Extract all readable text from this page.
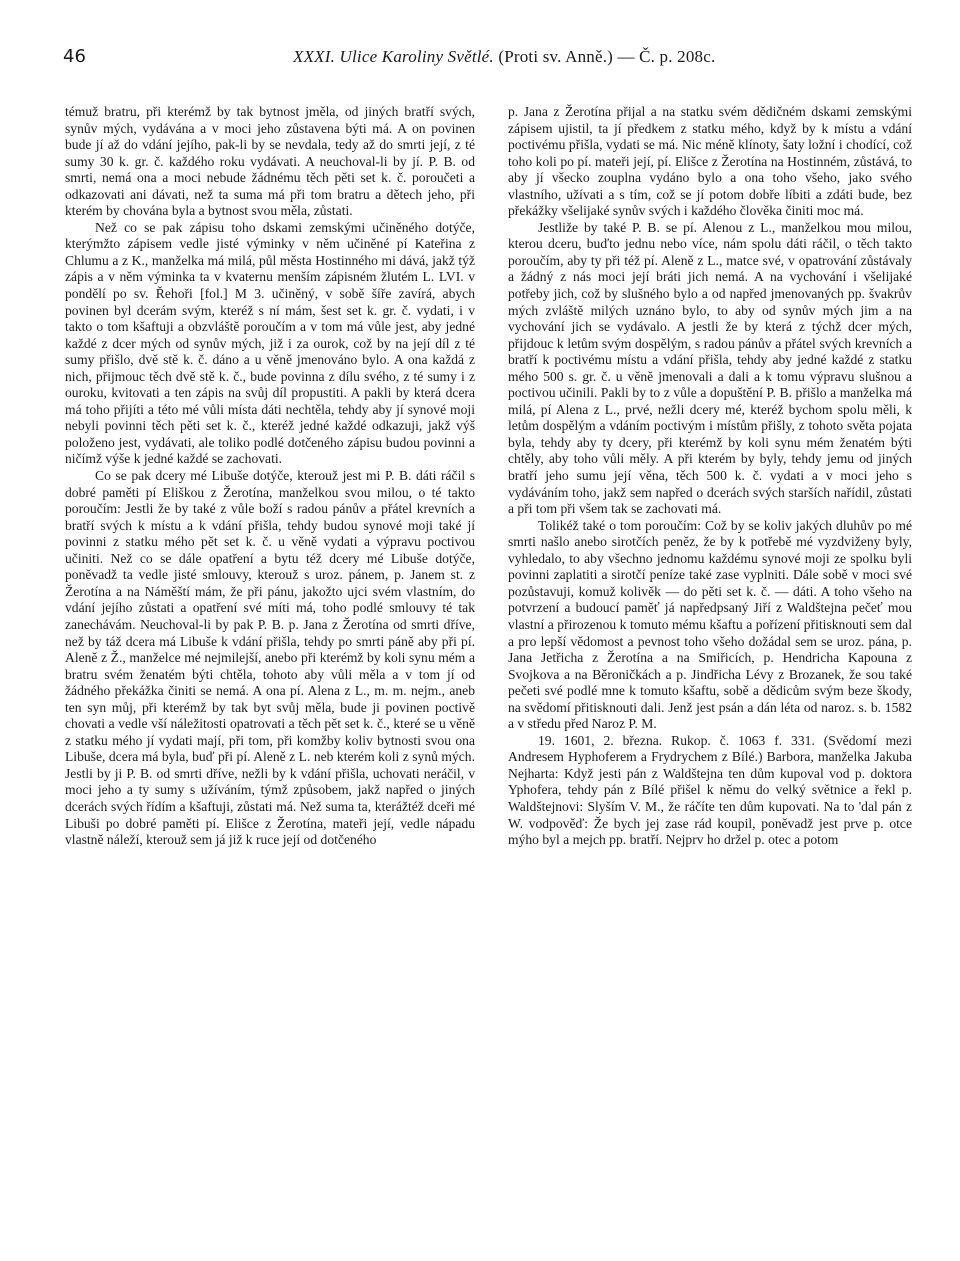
46	XXXI. Ulice Karoliny Světlé. (Proti sv. Anně.) — Č. p. 208c.

témuž bratru, při kterémž by tak bytnost jměla, od jiných bratří svých, synův mých, vydávána a v moci jeho zůstavena býti má. A on povinen bude jí až do vdání jejího, pak-li by se nevdala, tedy až do smrti její, z té sumy 30 k. gr. č. každého roku vydávati. A neuchoval-li by jí. P. B. od smrti, nemá ona a moci nebude žádnému těch pěti set k. č. poroučeti a odkazovati ani dávati, než ta suma má při tom bratru a dětech jeho, při kterém by chována byla a bytnost svou měla, zůstati.

Než co se pak zápisu toho dskami zemskými učiněného dotýče, kterýmžto zápisem vedle jisté výminky v něm učiněné pí Kateřina z Chlumu a z K., manželka má milá, půl města Hostinného mi dává, jakž týž zápis a v něm výminka ta v kvaternu menším zápisném žlutém L. LVI. v pondělí po sv. Řehoři [fol.] M 3. učiněný, v sobě šíře zavírá, abych povinen byl dcerám svým, kteréž s ní mám, šest set k. gr. č. vydati, i v takto o tom kšaftuji a obzvláště poroučím a v tom má vůle jest, aby jedné každé z dcer mých od synův mých, již i za ourok, což by na její díl z té sumy přišlo, dvě stě k. č. dáno a u věně jmenováno bylo. A ona každá z nich, přijmouc těch dvě stě k. č., bude povinna z dílu svého, z té sumy i z ouroku, kvitovati a ten zápis na svůj díl propustiti. A pakli by která dcera má toho přijíti a této mé vůli místa dáti nechtěla, tehdy aby jí synové moji nebyli povinni těch pěti set k. č., kteréž jedné každé odkazuji, jakž výš položeno jest, vydávati, ale toliko podlé dotčeného zápisu budou povinni a ničímž výše k jedné každé se zachovati.

Co se pak dcery mé Libuše dotýče, kterouž jest mi P. B. dáti ráčil s dobré paměti pí Eliškou z Žerotína, manželkou svou milou, o té takto poroučím: Jestli že by také z vůle boží s radou pánův a přátel krevních a bratří svých k místu a k vdání přišla, tehdy budou synové moji také jí povinni z statku mého pět set k. č. u věně vydati a výpravu poctivou učiniti. Než co se dále opatření a bytu též dcery mé Libuše dotýče, poněvadž ta vedle jisté smlouvy, kterouž s uroz. pánem, p. Janem st. z Žerotína a na Náměští mám, že při pánu, jakožto ujci svém vlastním, do vdání jejího zůstati a opatření své míti má, toho podlé smlouvy té tak zanechávám. Neuchoval-li by pak P. B. p. Jana z Žerotína od smrti dříve, než by táž dcera má Libuše k vdání přišla, tehdy po smrti páně aby při pí. Aleně z Ž., manželce mé nejmilejší, anebo při kterémž by koli synu mém a bratru svém ženatém býti chtěla, tohoto aby vůli měla a v tom jí od žádného překážka činiti se nemá. A ona pí. Alena z L., m. m. nejm., aneb ten syn můj, při kterémž by tak byt svůj měla, bude ji povinen poctivě chovati a vedle vší náležitosti opatrovati a těch pět set k. č., které se u věně z statku mého jí vydati mají, při tom, při komžby koliv bytnosti svou ona Libuše, dcera má byla, buď při pí. Aleně z L. neb kterém koli z synů mých. Jestli by ji P. B. od smrti dříve, nežli by k vdání přišla, uchovati neráčil, v moci jeho a ty sumy s užíváním, týmž způsobem, jakž napřed o jiných dcerách svých řídím a kšaftuji, zůstati má. Než suma ta, kterážtéž dceři mé Libuši po dobré paměti pí. Elišce z Žerotína, mateři její, vedle nápadu vlastně náleží, kterouž sem já již k ruce její od dotčeného

p. Jana z Žerotína přijal a na statku svém dědičném dskami zemskými zápisem ujistil, ta jí předkem z statku mého, když by k místu a vdání poctivému přišla, vydati se má. Nic méně klínoty, šaty ložní i chodící, což toho koli po pí. mateři její, pí. Elišce z Žerotína na Hostinném, zůstává, to aby jí všecko zouplna vydáno bylo a ona toho všeho, jako svého vlastního, užívati a s tím, což se jí potom dobře líbiti a zdáti bude, bez překážky všelijaké synův svých i každého člověka činiti moc má.

Jestliže by také P. B. se pí. Alenou z L., manželkou mou milou, kterou dceru, buďto jednu nebo více, nám spolu dáti ráčil, o těch takto poroučím, aby ty při též pí. Aleně z L., matce své, v opatrování zůstávaly a žádný z nás moci její bráti jich nemá. A na vychování i všelijaké potřeby jich, což by slušného bylo a od napřed jmenovaných pp. švakrův mých zvláště milých uznáno bylo, to aby od synův mých jim a na vychování jich se vydávalo. A jestli že by která z týchž dcer mých, přijdouc k letům svým dospělým, s radou pánův a přátel svých krevních a bratří k poctivému místu a vdání přišla, tehdy aby jedné každé z statku mého 500 s. gr. č. u věně jmenovali a dali a k tomu výpravu slušnou a poctivou učinili. Pakli by to z vůle a dopuštění P. B. přišlo a manželka má milá, pí Alena z L., prvé, nežli dcery mé, kteréž bychom spolu měli, k letům dospělým a vdáním poctivým i místům přišly, z tohoto světa pojata byla, tehdy aby ty dcery, při kterémž by koli synu mém ženatém býti chtěly, aby toho vůli měly. A při kterém by byly, tehdy jemu od jiných bratří jeho sumu její věna, těch 500 k. č. vydati a v moci jeho s vydáváním toho, jakž sem napřed o dcerách svých starších nařídil, zůstati a při tom při všem tak se zachovati má.

Tolikéž také o tom poroučím: Což by se koliv jakých dluhův po mé smrti našlo anebo sirotčích peněz, že by k potřebě mé vyzdviženy byly, vyhledalo, to aby všechno jednomu každému synové moji ze spolku byli povinni zaplatiti a sirotčí peníze také zase vyplniti. Dále sobě v moci své pozůstavuji, komuž kolivěk — do pěti set k. č. — dáti. A toho všeho na potvrzení a budoucí paměť já napředpsaný Jiří z Waldštejna pečeť mou vlastní a přirozenou k tomuto mému kšaftu a pořízení přitisknouti sem dal a pro lepší vědomost a pevnost toho všeho dožádal sem se uroz. pána, p. Jana Jetřicha z Žerotína a na Smiřicích, p. Hendricha Kapouna z Svojkova a na Běroničkách a p. Jindřicha Lévy z Brozanek, že sou také pečeti své podlé mne k tomuto kšaftu, sobě a dědicům svým beze škody, na svědomí přitisknouti dali. Jenž jest psán a dán léta od naroz. s. b. 1582 a v středu před Naroz P. M.

19. 1601, 2. března. Rukop. č. 1063 f. 331. (Svědomí mezi Andresem Hyphoferem a Frydrychem z Bílé.) Barbora, manželka Jakuba Nejharta: Když jesti pán z Waldštejna ten dům kupoval vod p. doktora Yphofera, tehdy pán z Bílé přišel k němu do velký světnice a řekl p. Waldštejnovi: Slyším V. M., že ráčíte ten dům kupovati. Na to 'dal pán z W. vodpověď: Že bych jej zase rád koupil, poněvadž jest prve p. otce mýho byl a mejch pp. bratří. Nejprv ho držel p. otec a potom
